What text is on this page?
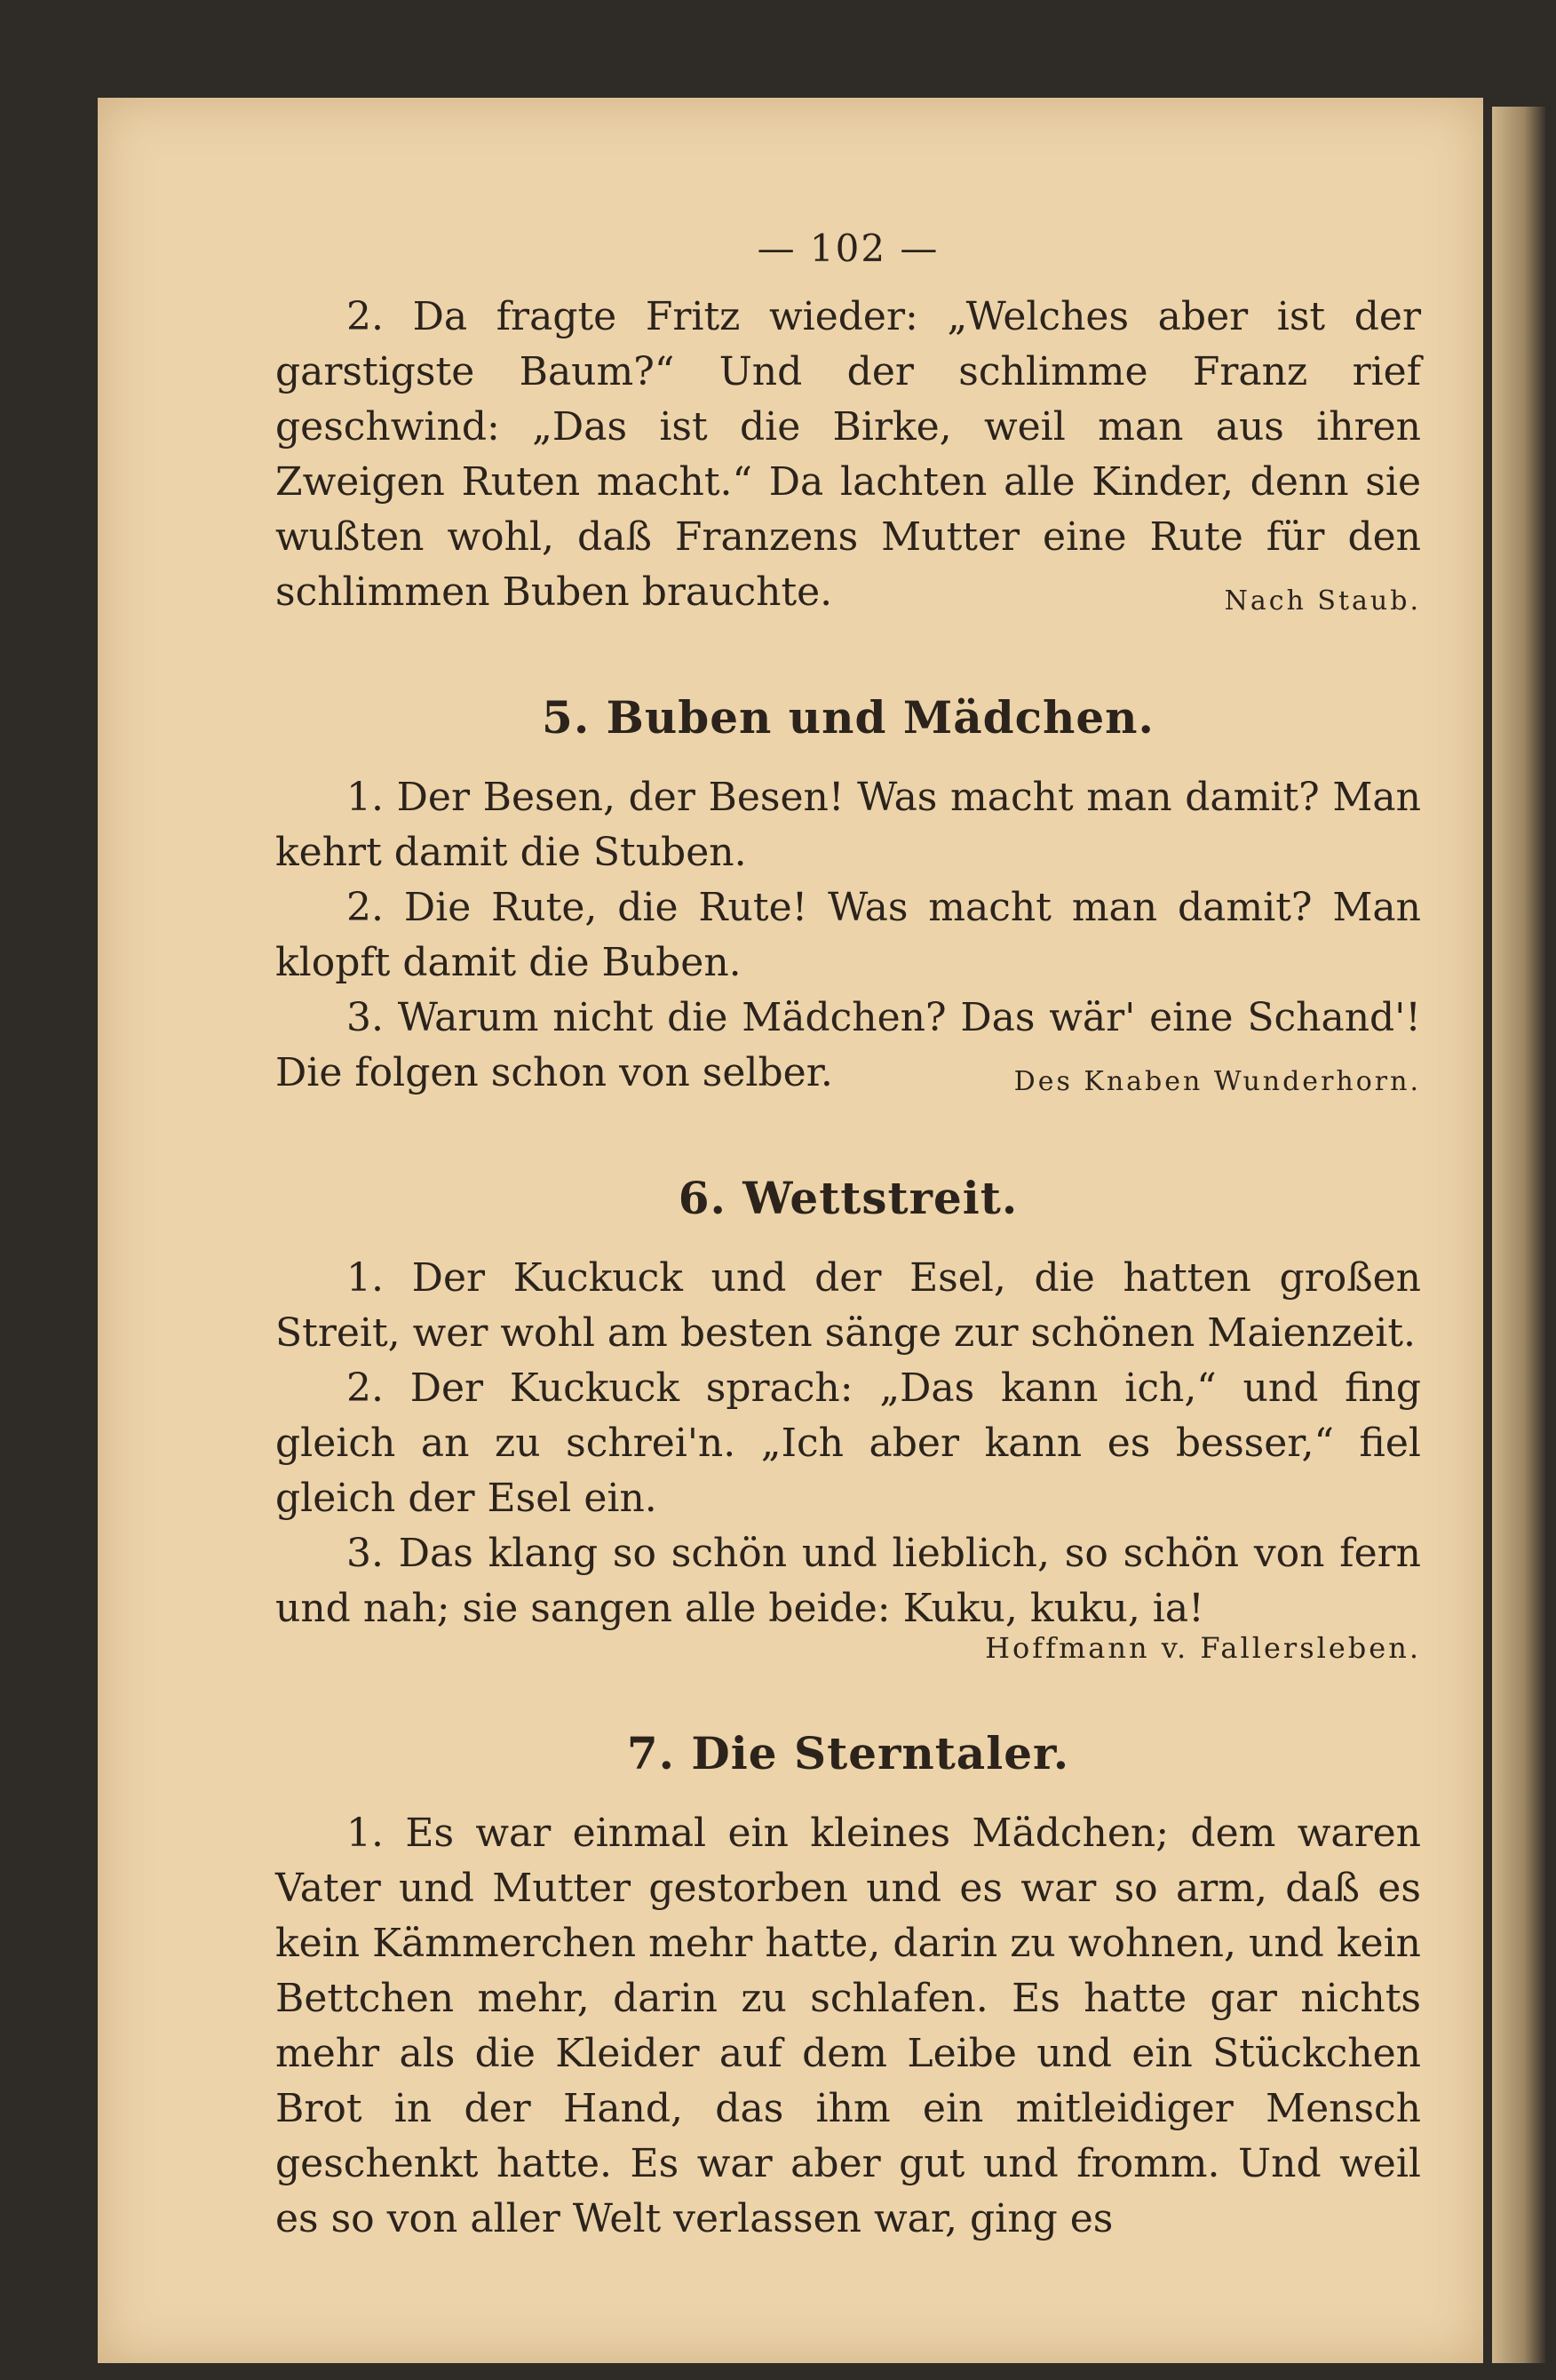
— 102 —

2. Da fragte Fritz wieder: „Welches aber ist der garstigste Baum?“ Und der schlimme Franz rief geschwind: „Das ist die Birke, weil man aus ihren Zweigen Ruten macht.“ Da lachten alle Kinder, denn sie wußten wohl, daß Franzens Mutter eine Rute für den schlimmen Buben brauchte.	Nach Staub.

5. Buben und Mädchen.

1. Der Besen, der Besen! Was macht man damit? Man kehrt damit die Stuben.

2. Die Rute, die Rute! Was macht man damit? Man klopft damit die Buben.

3. Warum nicht die Mädchen? Das wär' eine Schand'! Die folgen schon von selber.	Des Knaben Wunderhorn.

6. Wettstreit.

1. Der Kuckuck und der Esel, die hatten großen Streit, wer wohl am besten sänge zur schönen Maienzeit.

2. Der Kuckuck sprach: „Das kann ich,“ und fing gleich an zu schrei'n. „Ich aber kann es besser,“ fiel gleich der Esel ein.

3. Das klang so schön und lieblich, so schön von fern und nah; sie sangen alle beide: Kuku, kuku, ia!

Hoffmann v. Fallersleben.
7. Die Sterntaler.

1. Es war einmal ein kleines Mädchen; dem waren Vater und Mutter gestorben und es war so arm, daß es kein Kämmerchen mehr hatte, darin zu wohnen, und kein Bettchen mehr, darin zu schlafen. Es hatte gar nichts mehr als die Kleider auf dem Leibe und ein Stückchen Brot in der Hand, das ihm ein mitleidiger Mensch geschenkt hatte. Es war aber gut und fromm. Und weil es so von aller Welt verlassen war, ging es
